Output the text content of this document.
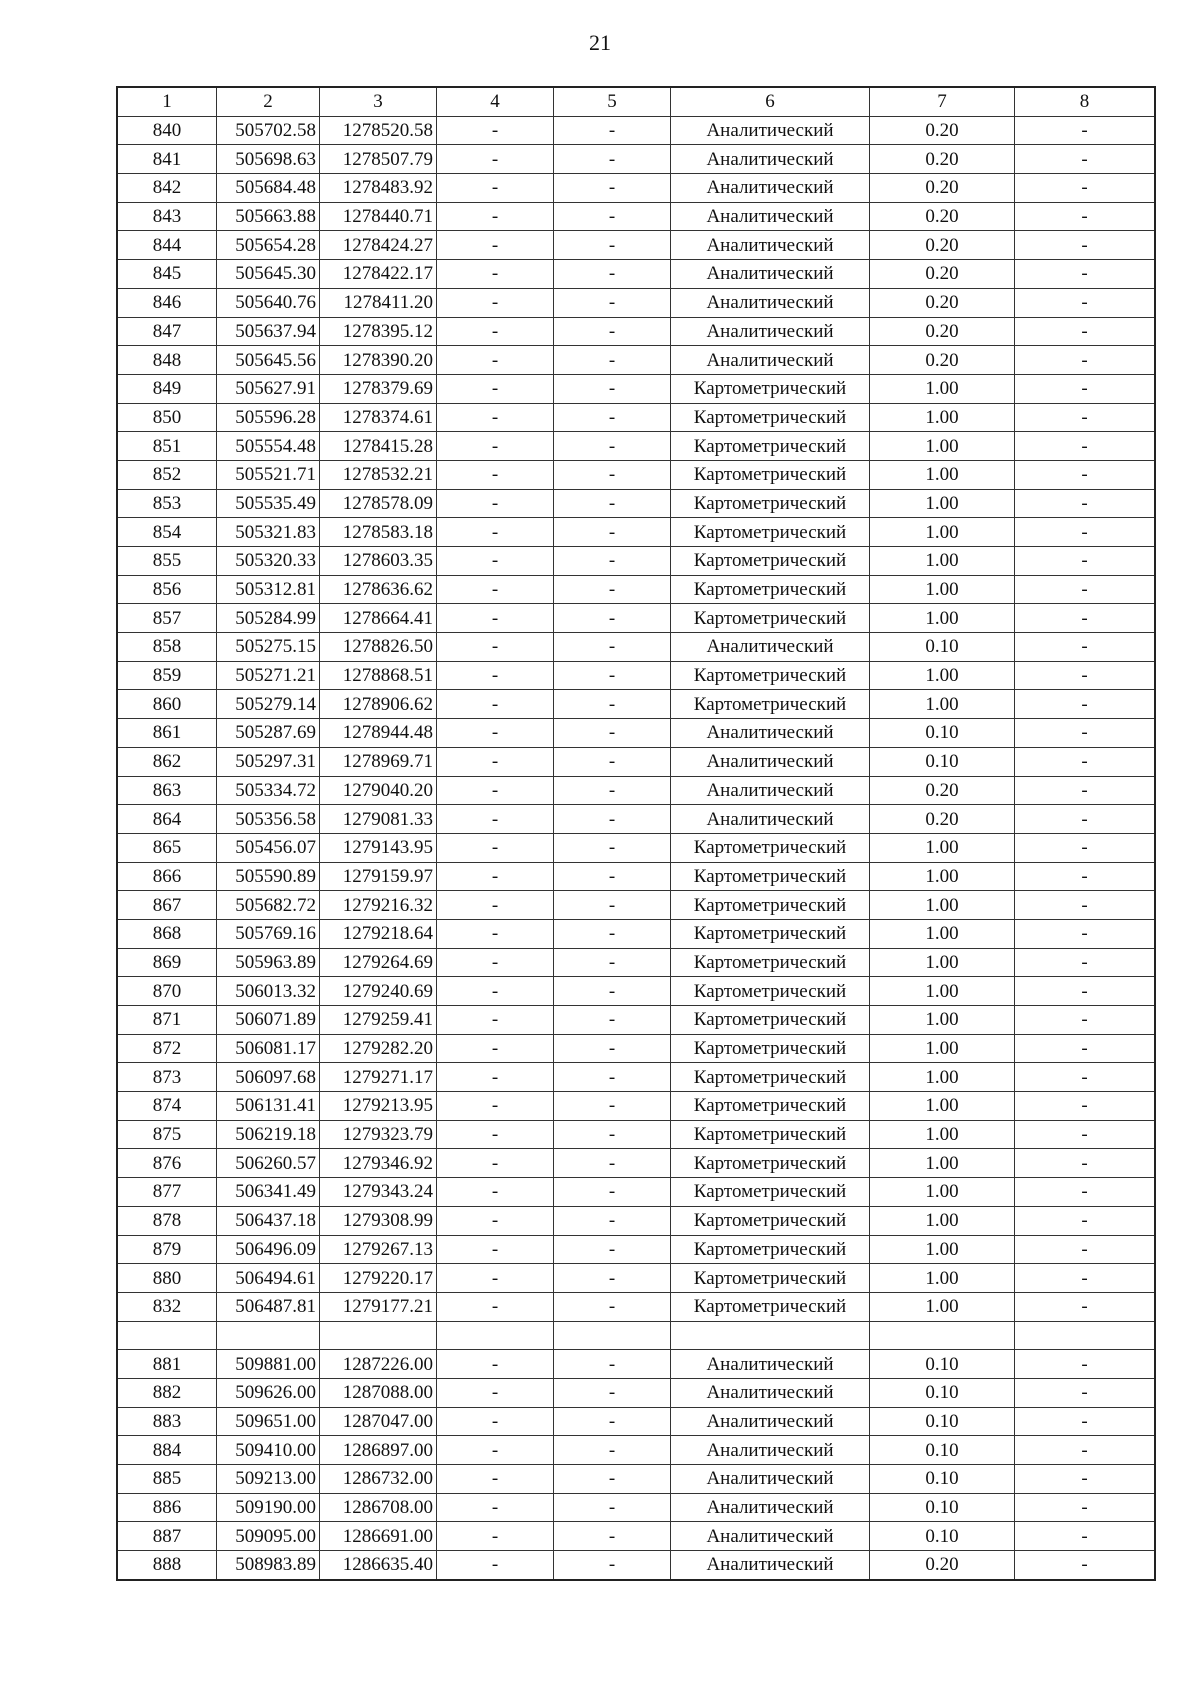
21
1	2	3	4	5	6	7	8
840	505702.58	1278520.58	-	-	Аналитический	0.20	-
841	505698.63	1278507.79	-	-	Аналитический	0.20	-
842	505684.48	1278483.92	-	-	Аналитический	0.20	-
843	505663.88	1278440.71	-	-	Аналитический	0.20	-
844	505654.28	1278424.27	-	-	Аналитический	0.20	-
845	505645.30	1278422.17	-	-	Аналитический	0.20	-
846	505640.76	1278411.20	-	-	Аналитический	0.20	-
847	505637.94	1278395.12	-	-	Аналитический	0.20	-
848	505645.56	1278390.20	-	-	Аналитический	0.20	-
849	505627.91	1278379.69	-	-	Картометрический	1.00	-
850	505596.28	1278374.61	-	-	Картометрический	1.00	-
851	505554.48	1278415.28	-	-	Картометрический	1.00	-
852	505521.71	1278532.21	-	-	Картометрический	1.00	-
853	505535.49	1278578.09	-	-	Картометрический	1.00	-
854	505321.83	1278583.18	-	-	Картометрический	1.00	-
855	505320.33	1278603.35	-	-	Картометрический	1.00	-
856	505312.81	1278636.62	-	-	Картометрический	1.00	-
857	505284.99	1278664.41	-	-	Картометрический	1.00	-
858	505275.15	1278826.50	-	-	Аналитический	0.10	-
859	505271.21	1278868.51	-	-	Картометрический	1.00	-
860	505279.14	1278906.62	-	-	Картометрический	1.00	-
861	505287.69	1278944.48	-	-	Аналитический	0.10	-
862	505297.31	1278969.71	-	-	Аналитический	0.10	-
863	505334.72	1279040.20	-	-	Аналитический	0.20	-
864	505356.58	1279081.33	-	-	Аналитический	0.20	-
865	505456.07	1279143.95	-	-	Картометрический	1.00	-
866	505590.89	1279159.97	-	-	Картометрический	1.00	-
867	505682.72	1279216.32	-	-	Картометрический	1.00	-
868	505769.16	1279218.64	-	-	Картометрический	1.00	-
869	505963.89	1279264.69	-	-	Картометрический	1.00	-
870	506013.32	1279240.69	-	-	Картометрический	1.00	-
871	506071.89	1279259.41	-	-	Картометрический	1.00	-
872	506081.17	1279282.20	-	-	Картометрический	1.00	-
873	506097.68	1279271.17	-	-	Картометрический	1.00	-
874	506131.41	1279213.95	-	-	Картометрический	1.00	-
875	506219.18	1279323.79	-	-	Картометрический	1.00	-
876	506260.57	1279346.92	-	-	Картометрический	1.00	-
877	506341.49	1279343.24	-	-	Картометрический	1.00	-
878	506437.18	1279308.99	-	-	Картометрический	1.00	-
879	506496.09	1279267.13	-	-	Картометрический	1.00	-
880	506494.61	1279220.17	-	-	Картометрический	1.00	-
832	506487.81	1279177.21	-	-	Картометрический	1.00	-

881	509881.00	1287226.00	-	-	Аналитический	0.10	-
882	509626.00	1287088.00	-	-	Аналитический	0.10	-
883	509651.00	1287047.00	-	-	Аналитический	0.10	-
884	509410.00	1286897.00	-	-	Аналитический	0.10	-
885	509213.00	1286732.00	-	-	Аналитический	0.10	-
886	509190.00	1286708.00	-	-	Аналитический	0.10	-
887	509095.00	1286691.00	-	-	Аналитический	0.10	-
888	508983.89	1286635.40	-	-	Аналитический	0.20	-
